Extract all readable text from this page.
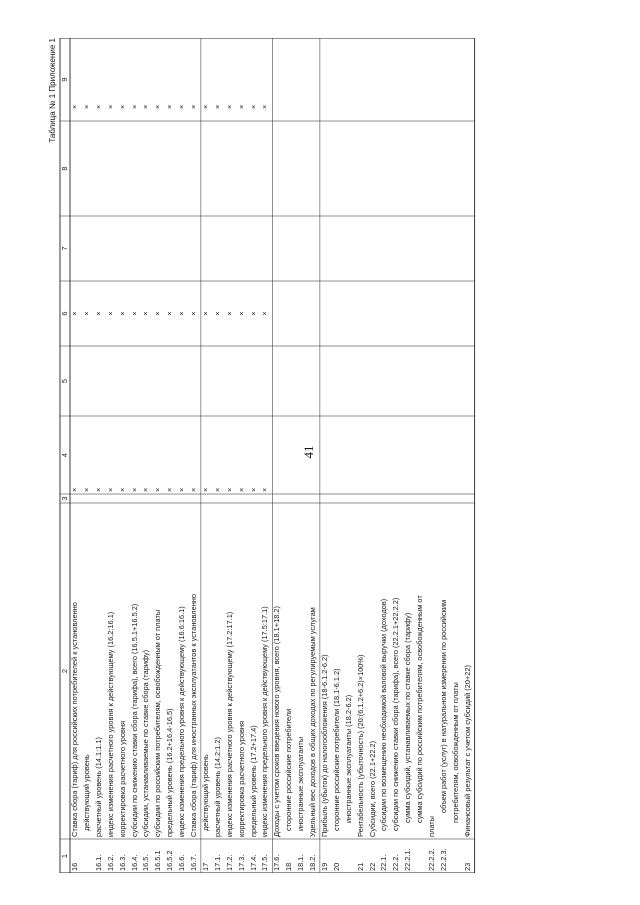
41
Таблица № 1 Приложение 1
1
2
3
4
5
6
7
8
9
16
Ставка сбора (тариф) для российских потребителей к установленно
×
×
×
действующий уровень
×
×
×
16.1.
расчетный уровень (14.1:1.1)
×
×
×
16.2.
индекс изменения расчетного уровня к действующему (16.2:16.1)
×
×
×
16.3.
корректировка расчетного уровня
×
×
×
16.4.
субсидии по снижению ставки сбора (тарифа), всего (16.5.1+16.5.2)
×
×
×
16.5.
субсидии, устанавливаемые по ставке сбора (тарифу)
×
×
×
16.5.1
субсидии по российским потребителям, освобожденным от платы
×
×
×
16.5.2
предельный уровень (16.2+16.4-16.5)
×
×
×
16.6.
индекс изменения предельного уровня к действующему (16.6:16.1)
×
×
×
16.7.
Ставка сбора (тариф) для иностранных эксплуатантов к установленно
×
×
×
17
действующий уровень
×
×
×
17.1.
расчетный уровень (14.2:1.2)
×
×
×
17.2.
индекс изменения расчетного уровня к действующему (17.2:17.1)
×
×
×
17.3.
корректировка расчетного уровня
×
×
×
17.4.
предельный уровень (17.2+17.4)
×
×
×
17.5.
индекс изменения предельного уровня к действующему (17.5:17.1)
×
×
×
17.6.
Доходы с учетом сроков введения нового уровня, всего (18.1+18.2)
18
сторонние российские потребители
18.1.
иностранные эксплуатанты
18.2.
Удельный вес доходов в общих доходах по регулируемым услугам
19
Прибыль (убыток) до налогообложения (18-6.1.2-6.2)
20
сторонние российские потребители (18.1-6.1.2) иностранные эксплуатанты (18.2-6.2)
21
Рентабельность (убыточность) (20:(6.1.2+6.2)×100%)
22
Субсидии, всего (22.1+22.2)
22.1.
субсидии по возмещению необходимой валовой выручки (доходов)
22.2.
субсидии по снижению ставки сбора (тарифа), всего (22.2.1+22.2.2)
22.2.1.
сумма субсидий, устанавливаемых по ставке сбора (тарифу) сумма субсидий по российским потребителям, освобожденным от
22.2.2.
платы
22.2.3.
объем работ (услуг) в натуральном измерении по российским потребителям, освобожденным от платы
23
Финансовый результат с учетом субсидий (20+22)
